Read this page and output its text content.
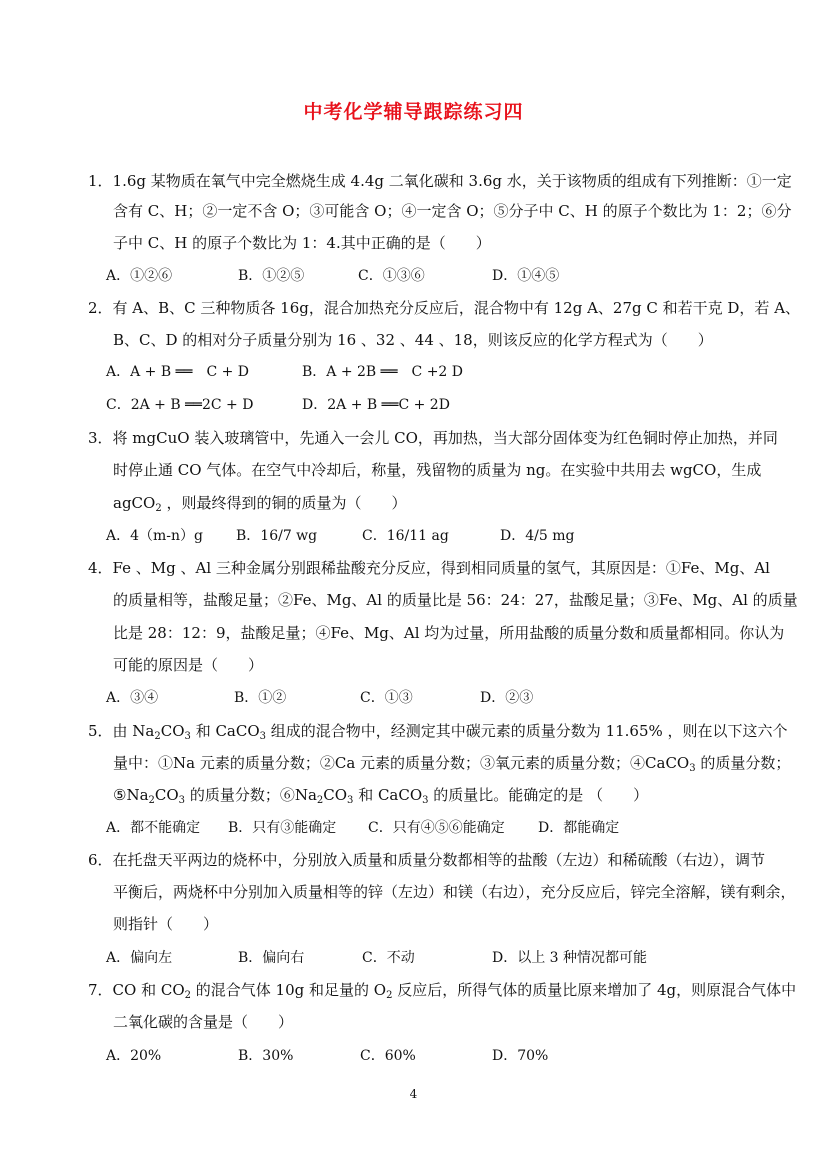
中考化学辅导跟踪练习四
1．1.6g 某物质在氧气中完全燃烧生成 4.4g 二氧化碳和 3.6g 水，关于该物质的组成有下列推断：①一定
含有 C、H；②一定不含 O；③可能含 O；④一定含 O；⑤分子中 C、H 的原子个数比为 1：2；⑥分
子中 C、H 的原子个数比为 1：4.其中正确的是（　　）
A．①②⑥	B．①②⑤	C．①③⑥	D．①④⑤
2．有 A、B、C 三种物质各 16g，混合加热充分反应后，混合物中有 12g A、27g C 和若干克 D，若 A、
B、C、D 的相对分子质量分别为 16 、32 、44 、18，则该反应的化学方程式为（　　）
A．A + B ══　C + D	B．A + 2B ══　C +2 D
C．2A + B ══2C + D	D．2A + B ══C + 2D
3．将 mgCuO 装入玻璃管中，先通入一会儿 CO，再加热，当大部分固体变为红色铜时停止加热，并同
时停止通 CO 气体。在空气中冷却后，称量，残留物的质量为 ng。在实验中共用去 wgCO，生成
agCO$_2$ ，则最终得到的铜的质量为（　　）
A．4（m-n）g B．16/7 wg	C．16/11 ag	D．4/5 mg
4．Fe 、Mg 、Al 三种金属分别跟稀盐酸充分反应，得到相同质量的氢气，其原因是：①Fe、Mg、Al
的质量相等，盐酸足量；②Fe、Mg、Al 的质量比是 56：24：27，盐酸足量；③Fe、Mg、Al 的质量
比是 28：12：9，盐酸足量；④Fe、Mg、Al 均为过量，所用盐酸的质量分数和质量都相同。你认为
可能的原因是（　　）
A．③④	B．①②	C．①③	D．②③
5．由 $Na_2CO_3$ 和 CaCO$_3$ 组成的混合物中，经测定其中碳元素的质量分数为 11.65% ，则在以下这六个
量中：①Na 元素的质量分数；②Ca 元素的质量分数；③氧元素的质量分数；④CaCO$_3$ 的质量分数；
$⑤Na_2CO_3$ 的质量分数；$⑥Na_2CO_3$ 和 CaCO$_3$ 的质量比。能确定的是 （　　）
A．都不能确定 B．只有③能确定 C．只有④⑤⑥能确定 D．都能确定
6．在托盘天平两边的烧杯中，分别放入质量和质量分数都相等的盐酸（左边）和稀硫酸（右边），调节
平衡后，两烧杯中分别加入质量相等的锌（左边）和镁（右边），充分反应后，锌完全溶解，镁有剩余，
则指针（　　）
A．偏向左	B．偏向右	C．不动	D．以上 3 种情况都可能
7．CO 和 $CO_2$ 的混合气体 10g 和足量的 $O_2$ 反应后，所得气体的质量比原来增加了 4g，则原混合气体中
二氧化碳的含量是（　　）
A．20%	B．30%	C．60%	D．70%
4
